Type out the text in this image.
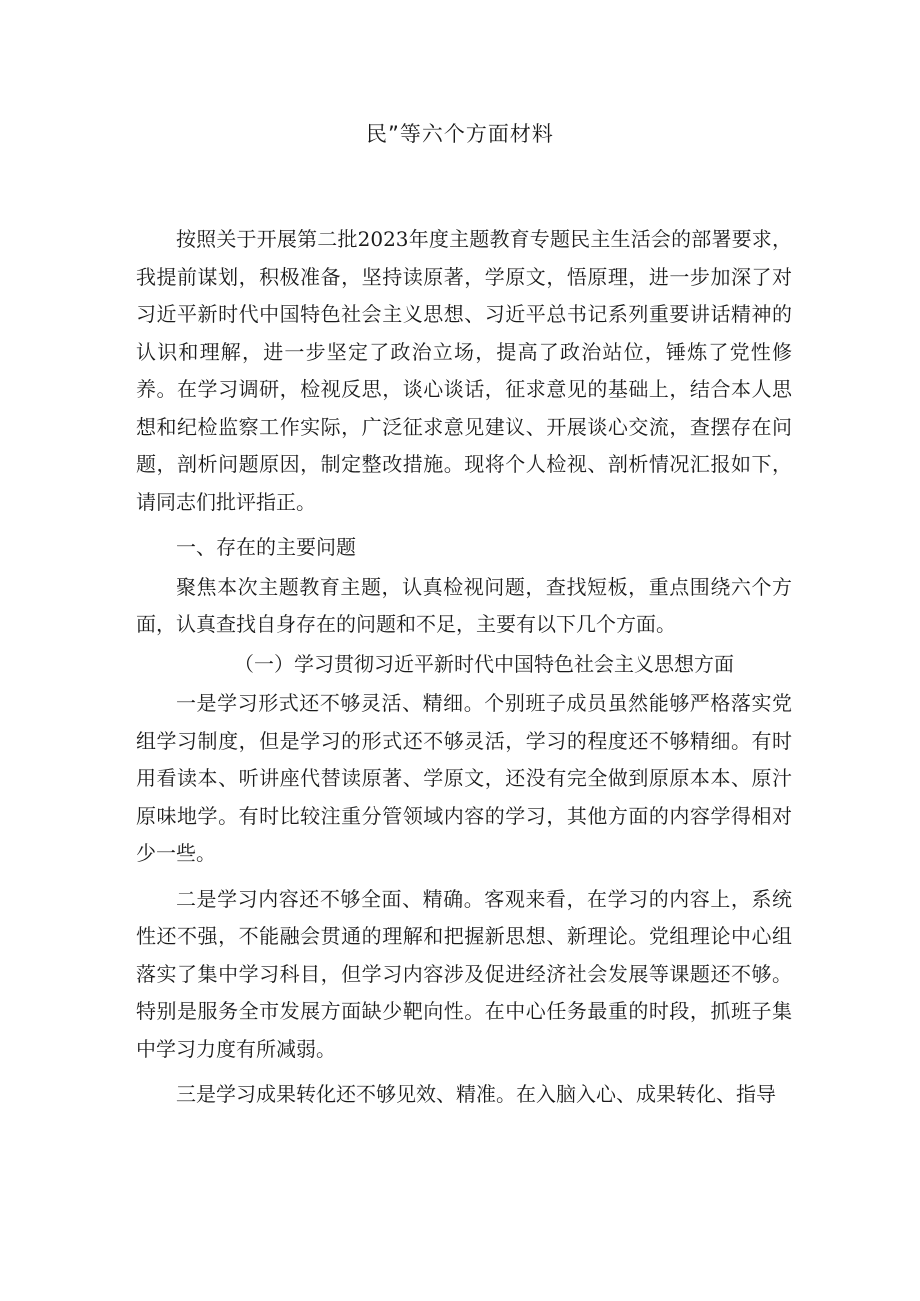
民”等六个方面材料

按照关于开展第二批2023年度主题教育专题民主生活会的部署要求，我提前谋划，积极准备，坚持读原著，学原文，悟原理，进一步加深了对习近平新时代中国特色社会主义思想、习近平总书记系列重要讲话精神的认识和理解，进一步坚定了政治立场，提高了政治站位，锤炼了党性修养。在学习调研，检视反思，谈心谈话，征求意见的基础上，结合本人思想和纪检监察工作实际，广泛征求意见建议、开展谈心交流，查摆存在问题，剖析问题原因，制定整改措施。现将个人检视、剖析情况汇报如下，请同志们批评指正。

一、存在的主要问题

聚焦本次主题教育主题，认真检视问题，查找短板，重点围绕六个方面，认真查找自身存在的问题和不足，主要有以下几个方面。

（一）学习贯彻习近平新时代中国特色社会主义思想方面

一是学习形式还不够灵活、精细。个别班子成员虽然能够严格落实党组学习制度，但是学习的形式还不够灵活，学习的程度还不够精细。有时用看读本、听讲座代替读原著、学原文，还没有完全做到原原本本、原汁原味地学。有时比较注重分管领域内容的学习，其他方面的内容学得相对少一些。

二是学习内容还不够全面、精确。客观来看，在学习的内容上，系统性还不强，不能融会贯通的理解和把握新思想、新理论。党组理论中心组落实了集中学习科目，但学习内容涉及促进经济社会发展等课题还不够。特别是服务全市发展方面缺少靶向性。在中心任务最重的时段，抓班子集中学习力度有所减弱。

三是学习成果转化还不够见效、精准。在入脑入心、成果转化、指导
